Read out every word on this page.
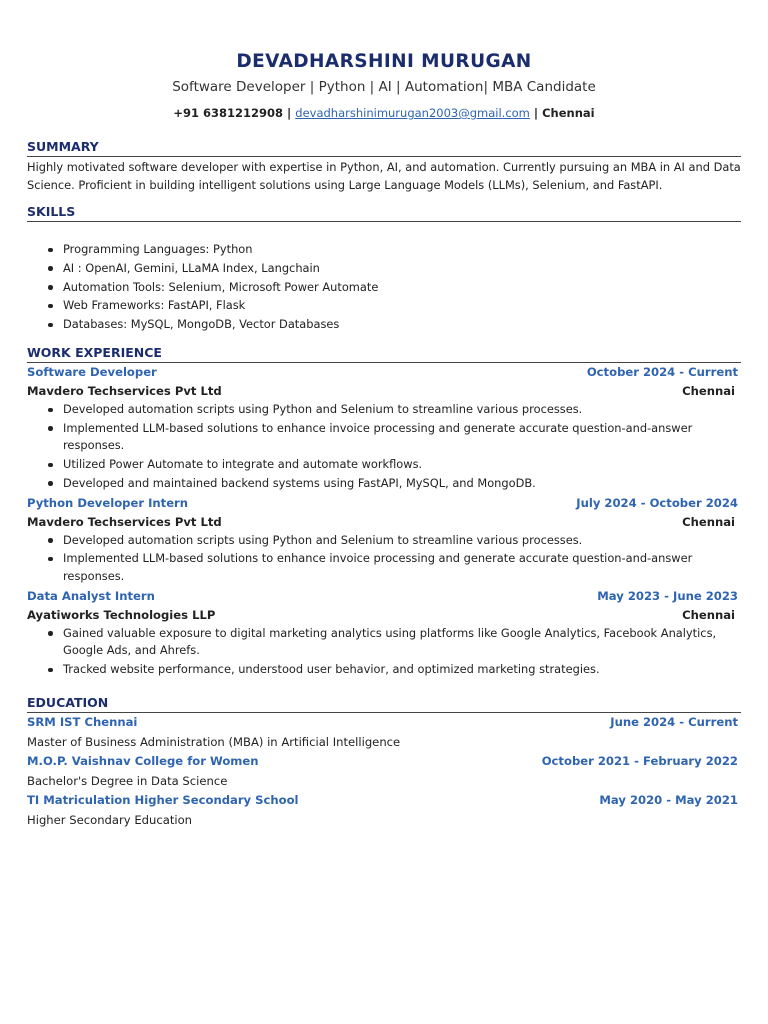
DEVADHARSHINI MURUGAN
Software Developer | Python | AI | Automation| MBA Candidate
+91 6381212908 | devadharshinimurugan2003@gmail.com | Chennai
SUMMARY
Highly motivated software developer with expertise in Python, AI, and automation. Currently pursuing an MBA in AI and Data Science. Proficient in building intelligent solutions using Large Language Models (LLMs), Selenium, and FastAPI.
SKILLS
Programming Languages: Python
AI : OpenAI, Gemini, LLaMA Index, Langchain
Automation Tools: Selenium, Microsoft Power Automate
Web Frameworks: FastAPI, Flask
Databases: MySQL, MongoDB, Vector Databases
WORK EXPERIENCE
Software Developer	October 2024 - Current
Mavdero Techservices Pvt Ltd	Chennai
Developed automation scripts using Python and Selenium to streamline various processes.
Implemented LLM-based solutions to enhance invoice processing and generate accurate question-and-answer responses.
Utilized Power Automate to integrate and automate workflows.
Developed and maintained backend systems using FastAPI, MySQL, and MongoDB.
Python Developer Intern	July 2024 - October 2024
Mavdero Techservices Pvt Ltd	Chennai
Developed automation scripts using Python and Selenium to streamline various processes.
Implemented LLM-based solutions to enhance invoice processing and generate accurate question-and-answer responses.
Data Analyst Intern	May 2023 - June 2023
Ayatiworks Technologies LLP	Chennai
Gained valuable exposure to digital marketing analytics using platforms like Google Analytics, Facebook Analytics, Google Ads, and Ahrefs.
Tracked website performance, understood user behavior, and optimized marketing strategies.
EDUCATION
SRM IST Chennai	June 2024 - Current
Master of Business Administration (MBA) in Artificial Intelligence
M.O.P. Vaishnav College for Women	October 2021 - February 2022
Bachelor's Degree in Data Science
TI Matriculation Higher Secondary School	May 2020 - May 2021
Higher Secondary Education
